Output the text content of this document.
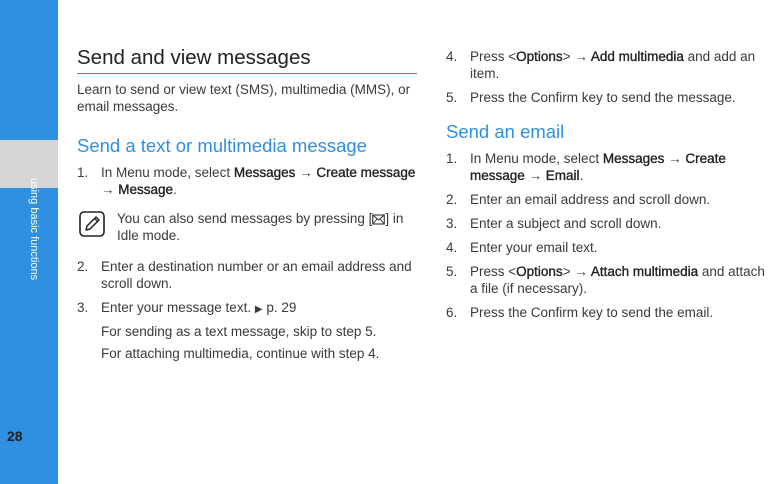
using basic functions
28
Send and view messages

Learn to send or view text (SMS), multimedia (MMS), or email messages.

Send a text or multimedia message
1. In Menu mode, select Messages → Create message → Message.
You can also send messages by pressing [ ] in Idle mode.
2. Enter a destination number or an email address and scroll down.
3. Enter your message text. ▶ p. 29
For sending as a text message, skip to step 5.
For attaching multimedia, continue with step 4.
4. Press <Options> → Add multimedia and add an item.
5. Press the Confirm key to send the message.
Send an email
1. In Menu mode, select Messages → Create message → Email.
2. Enter an email address and scroll down.
3. Enter a subject and scroll down.
4. Enter your email text.
5. Press <Options> → Attach multimedia and attach a file (if necessary).
6. Press the Confirm key to send the email.
